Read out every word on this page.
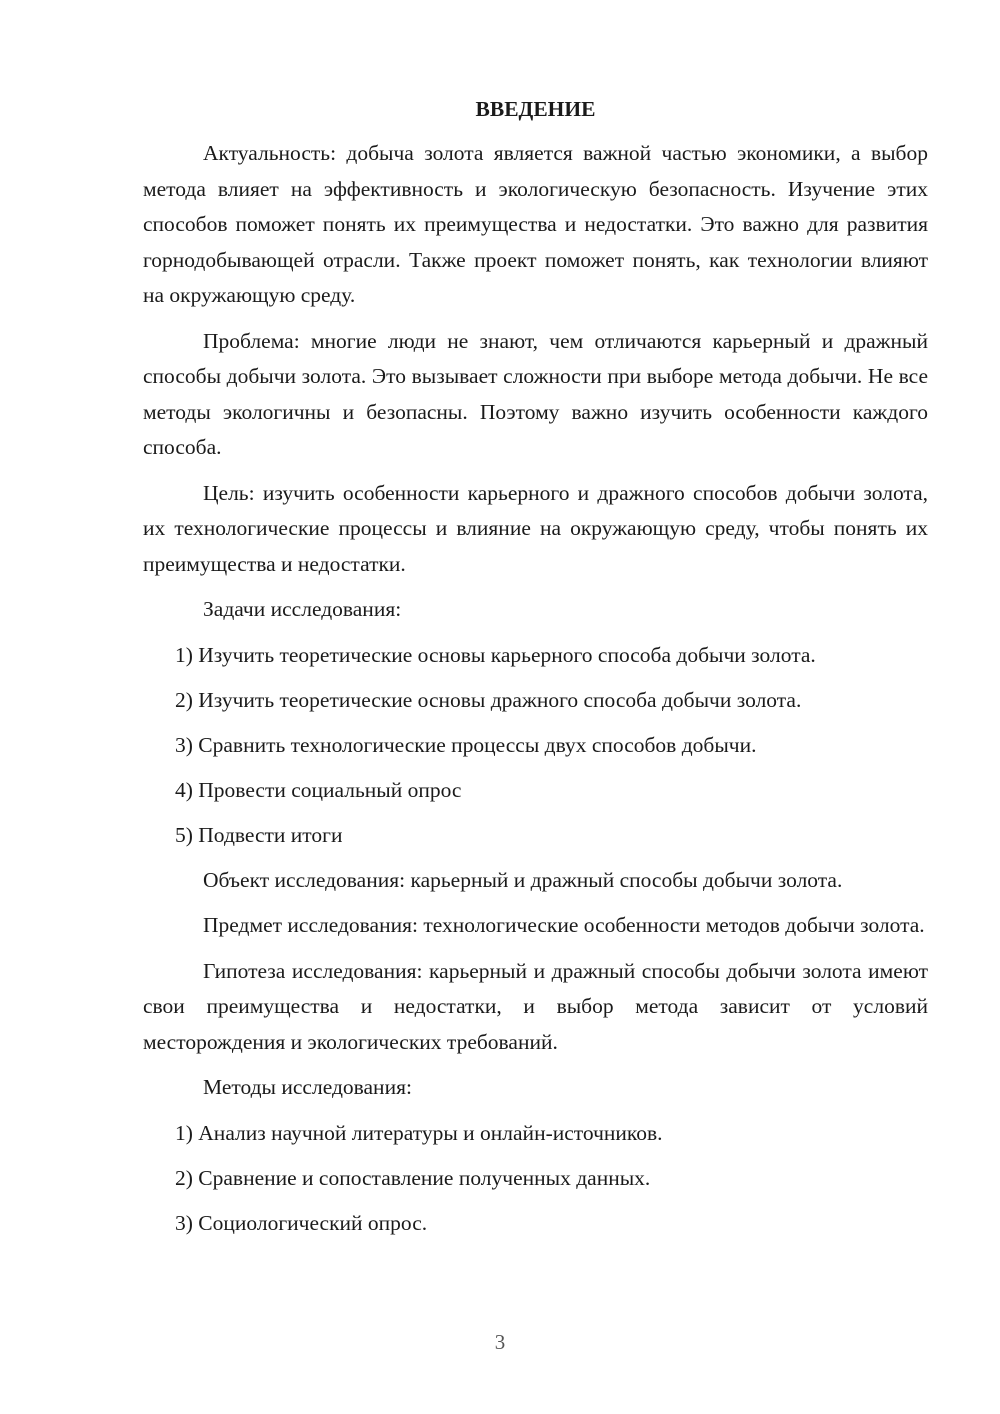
ВВЕДЕНИЕ

Актуальность: добыча золота является важной частью экономики, а выбор метода влияет на эффективность и экологическую безопасность. Изучение этих способов поможет понять их преимущества и недостатки. Это важно для развития горнодобывающей отрасли. Также проект поможет понять, как технологии влияют на окружающую среду.

Проблема: многие люди не знают, чем отличаются карьерный и дражный способы добычи золота. Это вызывает сложности при выборе метода добычи. Не все методы экологичны и безопасны. Поэтому важно изучить особенности каждого способа.

Цель: изучить особенности карьерного и дражного способов добычи золота, их технологические процессы и влияние на окружающую среду, чтобы понять их преимущества и недостатки.

Задачи исследования:

1) Изучить теоретические основы карьерного способа добычи золота.
2) Изучить теоретические основы дражного способа добычи золота.
3) Сравнить технологические процессы двух способов добычи.
4) Провести социальный опрос
5) Подвести итоги

Объект исследования: карьерный и дражный способы добычи золота.

Предмет исследования: технологические особенности методов добычи золота.

Гипотеза исследования: карьерный и дражный способы добычи золота имеют свои преимущества и недостатки, и выбор метода зависит от условий месторождения и экологических требований.

Методы исследования:

1) Анализ научной литературы и онлайн-источников.
2) Сравнение и сопоставление полученных данных.
3) Социологический опрос.
3
